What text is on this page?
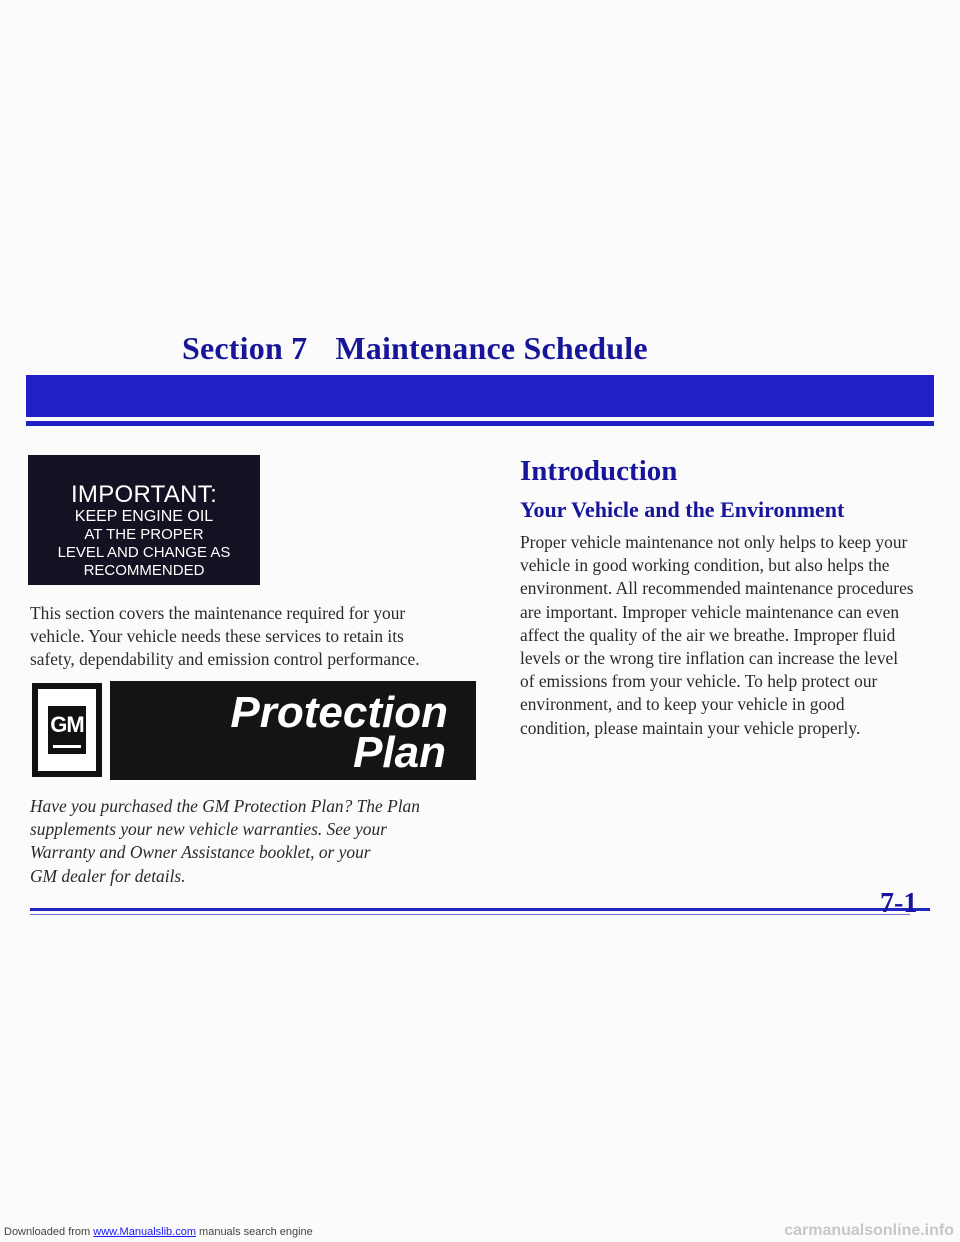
Section 7 Maintenance Schedule
IMPORTANT:
KEEP ENGINE OIL
AT THE PROPER
LEVEL AND CHANGE AS
RECOMMENDED
This section covers the maintenance required for your
vehicle. Your vehicle needs these services to retain its
safety, dependability and emission control performance.
GM	Protection
Plan
Have you purchased the GM Protection Plan? The Plan
supplements your new vehicle warranties. See your
Warranty and Owner Assistance booklet, or your
GM dealer for details.
Introduction
Your Vehicle and the Environment
Proper vehicle maintenance not only helps to keep your
vehicle in good working condition, but also helps the
environment. All recommended maintenance procedures
are important. Improper vehicle maintenance can even
affect the quality of the air we breathe. Improper fluid
levels or the wrong tire inflation can increase the level
of emissions from your vehicle. To help protect our
environment, and to keep your vehicle in good
condition, please maintain your vehicle properly.
7-1
Downloaded from www.Manualslib.com manuals search engine	carmanualsonline.info
